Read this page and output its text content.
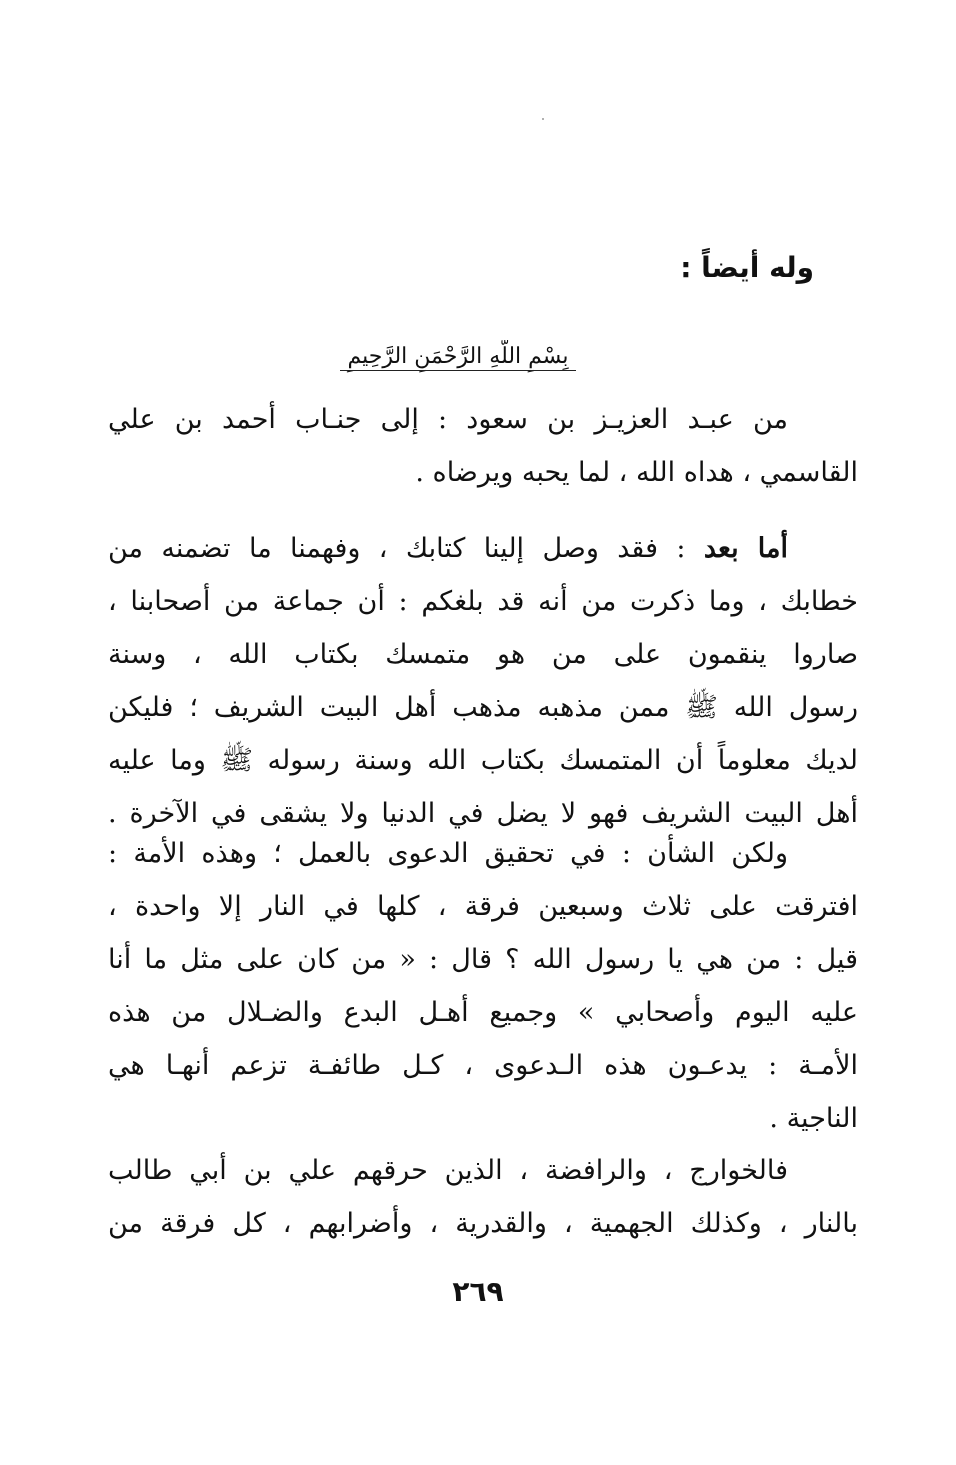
وله أيضاً :
بِسْمِ اللَّهِ الرَّحْمَنِ الرَّحِيمِ
من عبـد العزيـز بن سعود : إلى جنـاب أحمد بن علي
القاسمي ، هداه الله ، لما يحبه ويرضاه .
أما بعد : فقد وصل إلينا كتابك ، وفهمنا ما تضمنه من
خطابك ، وما ذكرت من أنه قد بلغكم : أن جماعة من أصحابنا ،
صاروا ينقمون على من هو متمسك بكتاب الله ، وسنة
رسول الله ﷺ ممن مذهبه مذهب أهل البيت الشريف ؛ فليكن
لديك معلوماً أن المتمسك بكتاب الله وسنة رسوله ﷺ وما عليه
أهل البيت الشريف فهو لا يضل في الدنيا ولا يشقى في الآخرة .
ولكن الشأن : في تحقيق الدعوى بالعمل ؛ وهذه الأمة :
افترقت على ثلاث وسبعين فرقة ، كلها في النار إلا واحدة ،
قيل : من هي يا رسول الله ؟ قال : « من كان على مثل ما أنا
عليه اليوم وأصحابي » وجميع أهـل البدع والضـلال من هذه
الأمـة : يدعـون هذه الـدعوى ، كـل طائفـة تزعم أنهـا هي
الناجية .
فالخوارج ، والرافضة ، الذين حرقهم علي بن أبي طالب
بالنار ، وكذلك الجهمية ، والقدرية ، وأضرابهم ، كل فرقة من
٢٦٩
